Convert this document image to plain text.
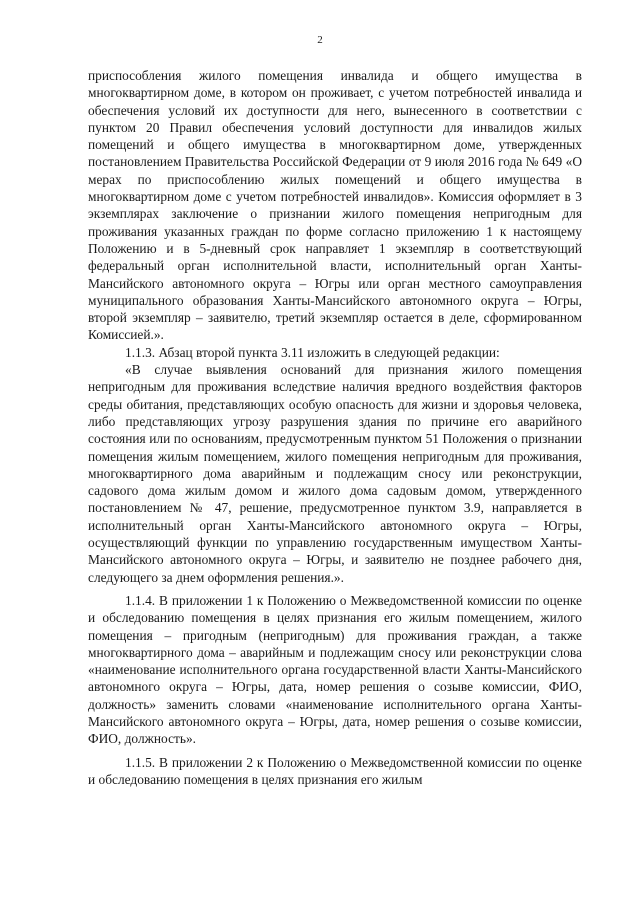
2

приспособления жилого помещения инвалида и общего имущества в многоквартирном доме, в котором он проживает, с учетом потребностей инвалида и обеспечения условий их доступности для него, вынесенного в соответствии с пунктом 20 Правил обеспечения условий доступности для инвалидов жилых помещений и общего имущества в многоквартирном доме, утвержденных постановлением Правительства Российской Федерации от 9 июля 2016 года № 649 «О мерах по приспособлению жилых помещений и общего имущества в многоквартирном доме с учетом потребностей инвалидов». Комиссия оформляет в 3 экземплярах заключение о признании жилого помещения непригодным для проживания указанных граждан по форме согласно приложению 1 к настоящему Положению и в 5-дневный срок направляет 1 экземпляр в соответствующий федеральный орган исполнительной власти, исполнительный орган Ханты-Мансийского автономного округа – Югры или орган местного самоуправления муниципального образования Ханты-Мансийского автономного округа – Югры, второй экземпляр – заявителю, третий экземпляр остается в деле, сформированном Комиссией.».

1.1.3. Абзац второй пункта 3.11 изложить в следующей редакции:

«В случае выявления оснований для признания жилого помещения непригодным для проживания вследствие наличия вредного воздействия факторов среды обитания, представляющих особую опасность для жизни и здоровья человека, либо представляющих угрозу разрушения здания по причине его аварийного состояния или по основаниям, предусмотренным пунктом 51 Положения о признании помещения жилым помещением, жилого помещения непригодным для проживания, многоквартирного дома аварийным и подлежащим сносу или реконструкции, садового дома жилым домом и жилого дома садовым домом, утвержденного постановлением № 47, решение, предусмотренное пунктом 3.9, направляется в исполнительный орган Ханты-Мансийского автономного округа – Югры, осуществляющий функции по управлению государственным имуществом Ханты-Мансийского автономного округа – Югры, и заявителю не позднее рабочего дня, следующего за днем оформления решения.».

1.1.4. В приложении 1 к Положению о Межведомственной комиссии по оценке и обследованию помещения в целях признания его жилым помещением, жилого помещения – пригодным (непригодным) для проживания граждан, а также многоквартирного дома – аварийным и подлежащим сносу или реконструкции слова «наименование исполнительного органа государственной власти Ханты-Мансийского автономного округа – Югры, дата, номер решения о созыве комиссии, ФИО, должность» заменить словами «наименование исполнительного органа Ханты-Мансийского автономного округа – Югры, дата, номер решения о созыве комиссии, ФИО, должность».

1.1.5. В приложении 2 к Положению о Межведомственной комиссии по оценке и обследованию помещения в целях признания его жилым
